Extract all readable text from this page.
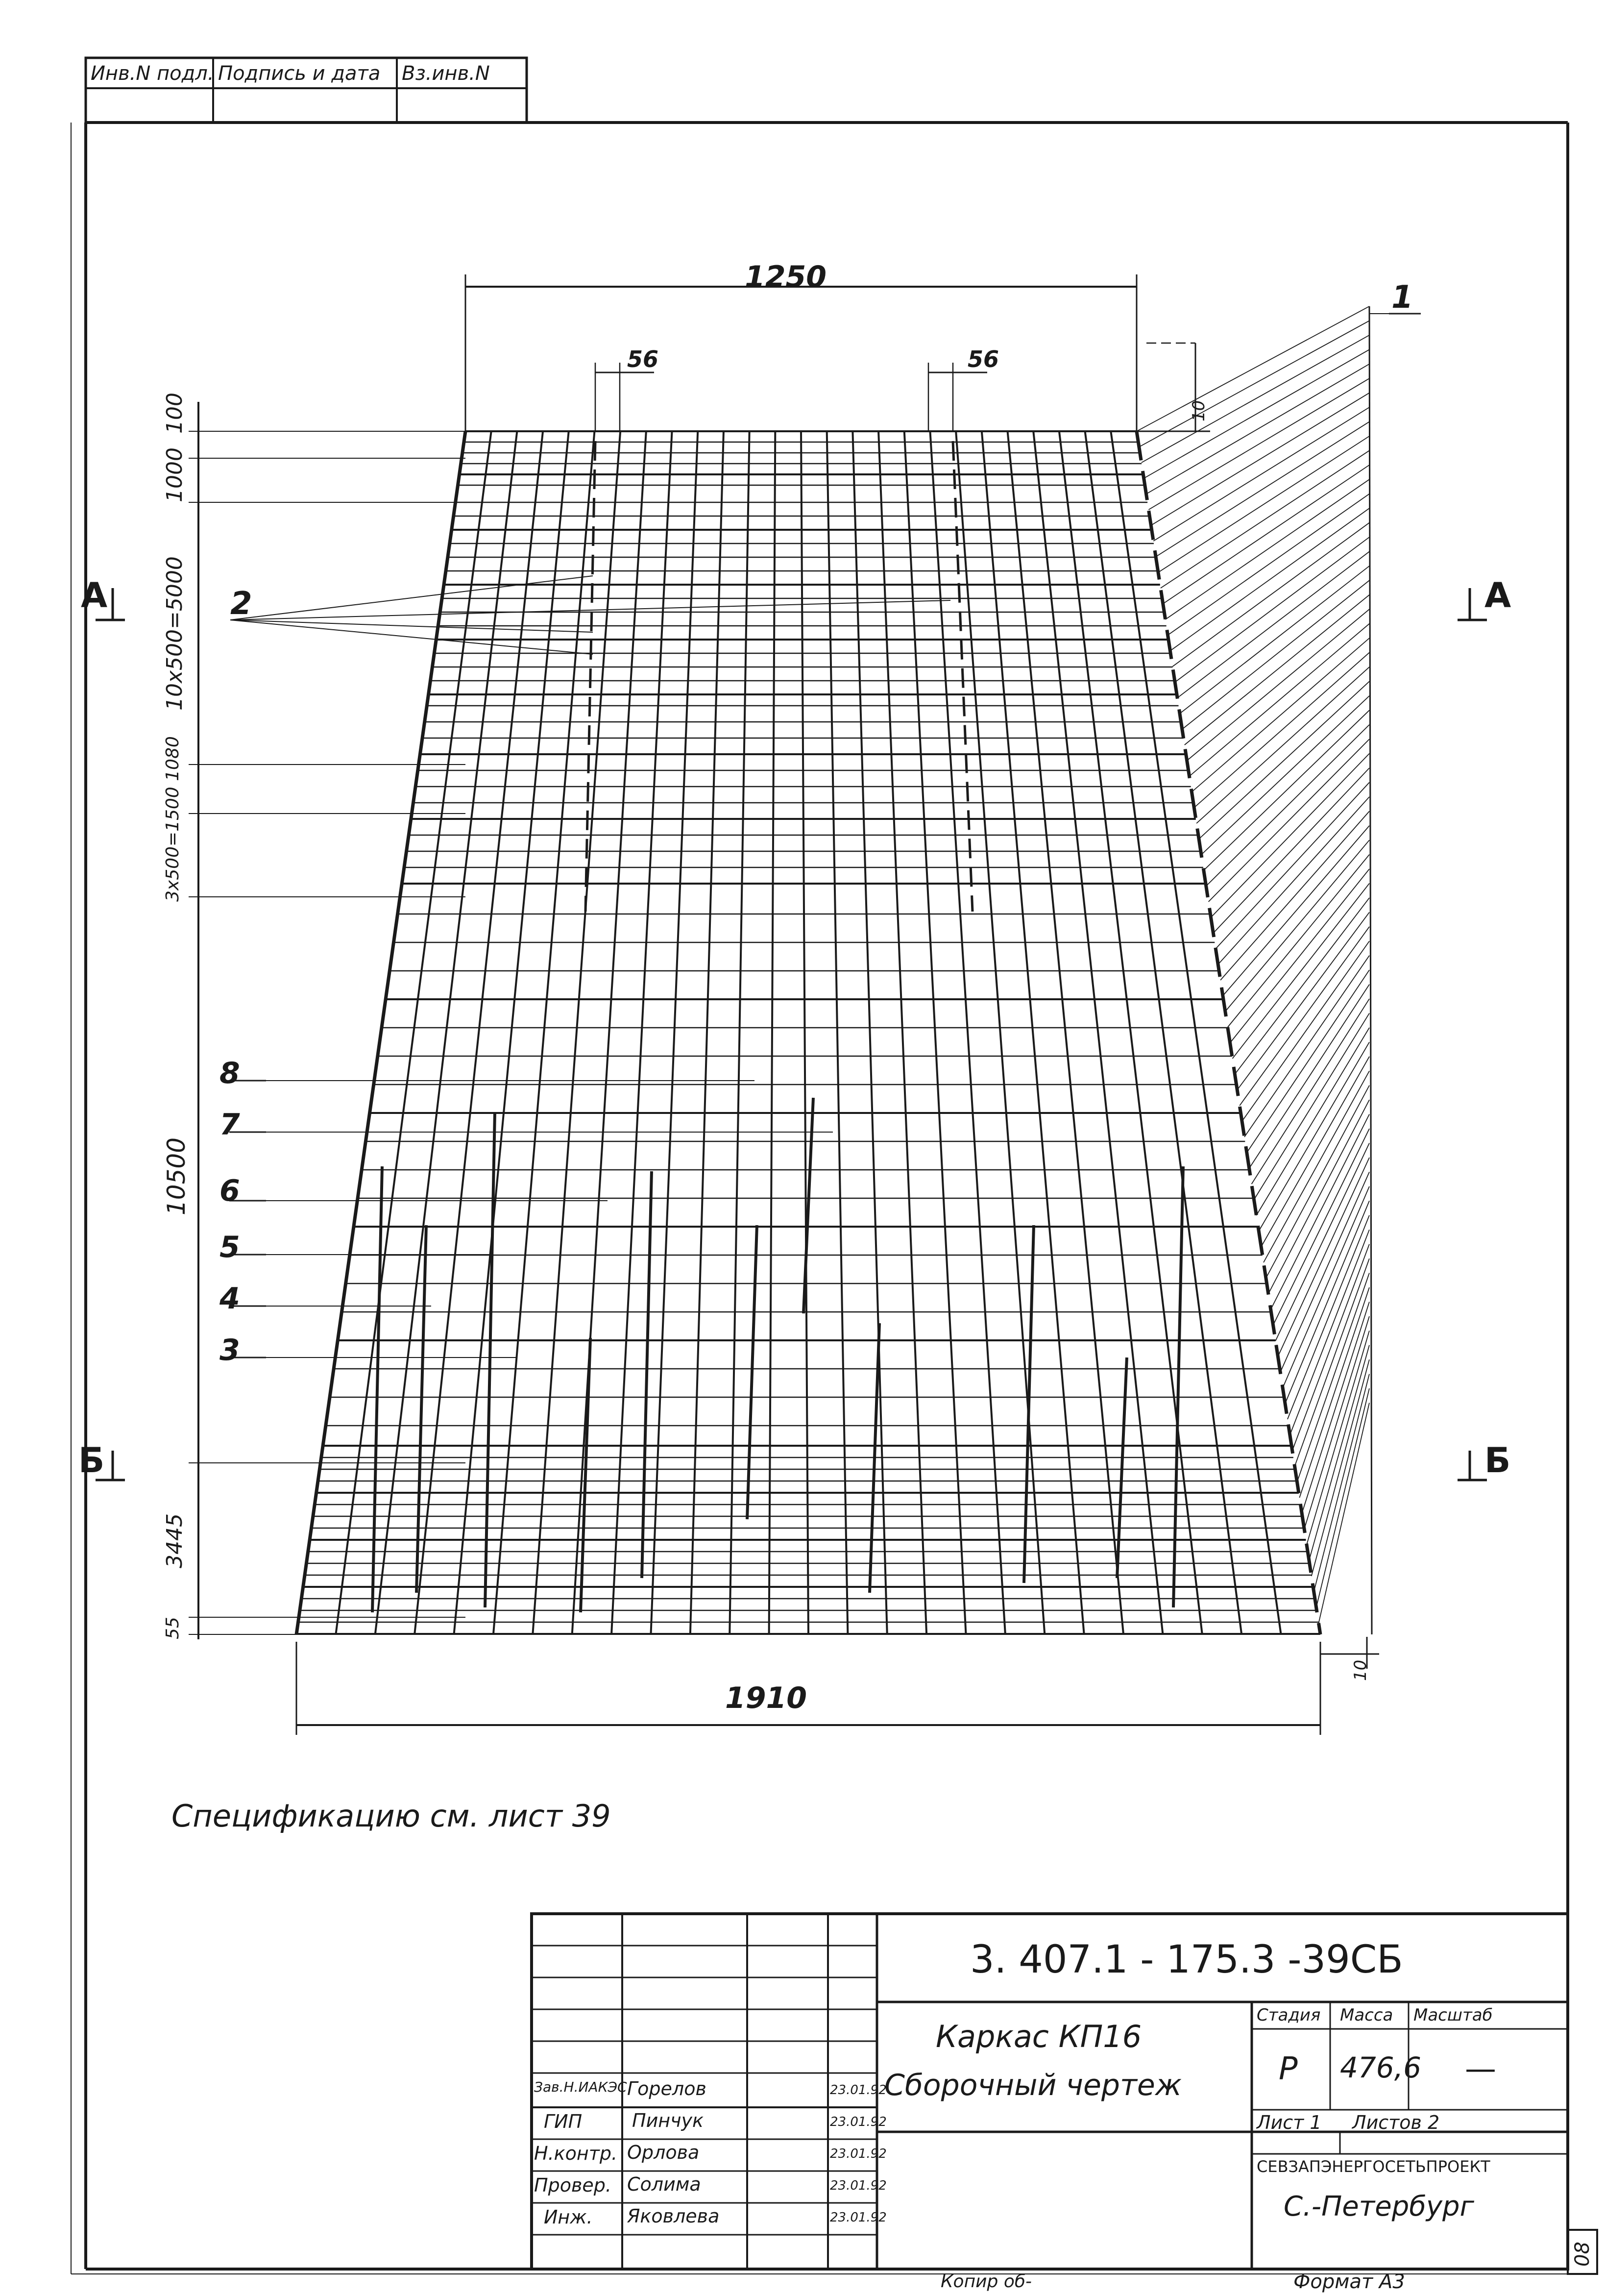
Инв.N подл. Подпись и дата Вз.инв.N
1250
56	56
1910
10
10
100
1000
10x500=5000
3x500=1500 1080
10500
3445
55
1
2
8
7
6
5
4
3
А	А
Б	Б
Спецификацию см. лист 39
3. 407.1 - 175.3 -39СБ
Каркас КП16
Сборочный чертеж
Стадия Масса Масштаб
Р 476,6 —
Лист 1 Листов 2
СЕВЗАПЭНЕРГОСЕТЬПРОЕКТ
С.-Петербург
Зав.Н.ИАКЭС Горелов	23.01.92
ГИП	Пинчук	23.01.92
Н.контр. Орлова	23.01.92
Провер. Солима	23.01.92
Инж. Яковлева	23.01.92
Копир об-	Формат А3
08
